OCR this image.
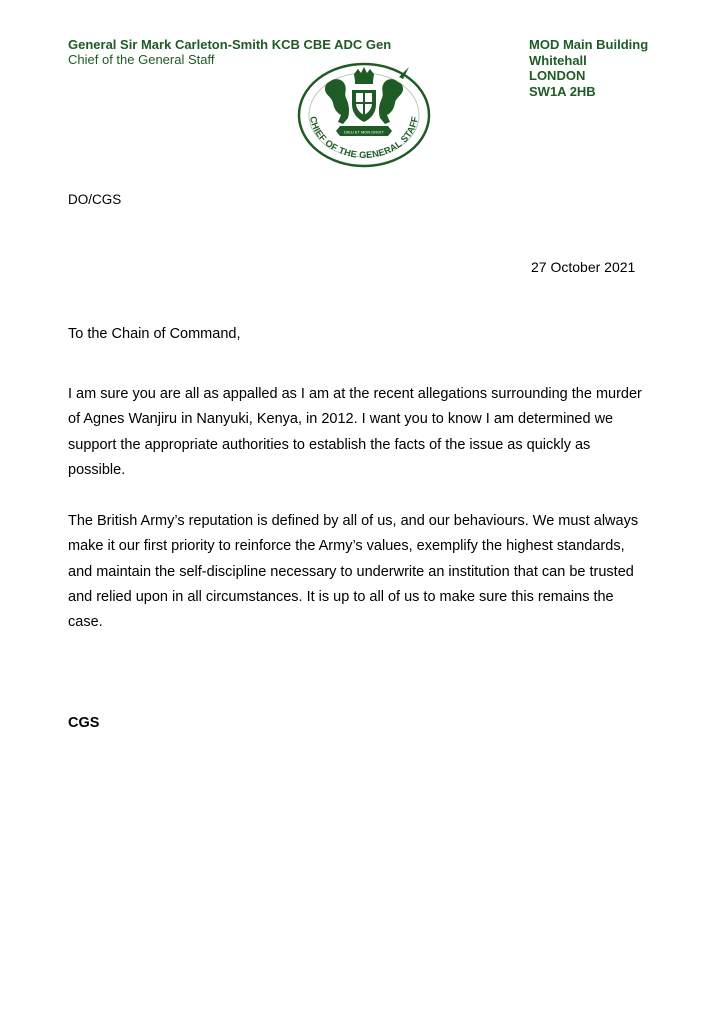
General Sir Mark Carleton-Smith KCB CBE ADC Gen
Chief of the General Staff
MOD Main Building
Whitehall
LONDON
SW1A 2HB
DIEU ET MON DROIT
CHIEF OF THE GENERAL STAFF
DO/CGS
27 October 2021
To the Chain of Command,
I am sure you are all as appalled as I am at the recent allegations surrounding the murder
of Agnes Wanjiru in Nanyuki, Kenya, in 2012. I want you to know I am determined we
support the appropriate authorities to establish the facts of the issue as quickly as
possible.
The British Army’s reputation is defined by all of us, and our behaviours. We must always
make it our first priority to reinforce the Army’s values, exemplify the highest standards,
and maintain the self-discipline necessary to underwrite an institution that can be trusted
and relied upon in all circumstances. It is up to all of us to make sure this remains the
case.
CGS
